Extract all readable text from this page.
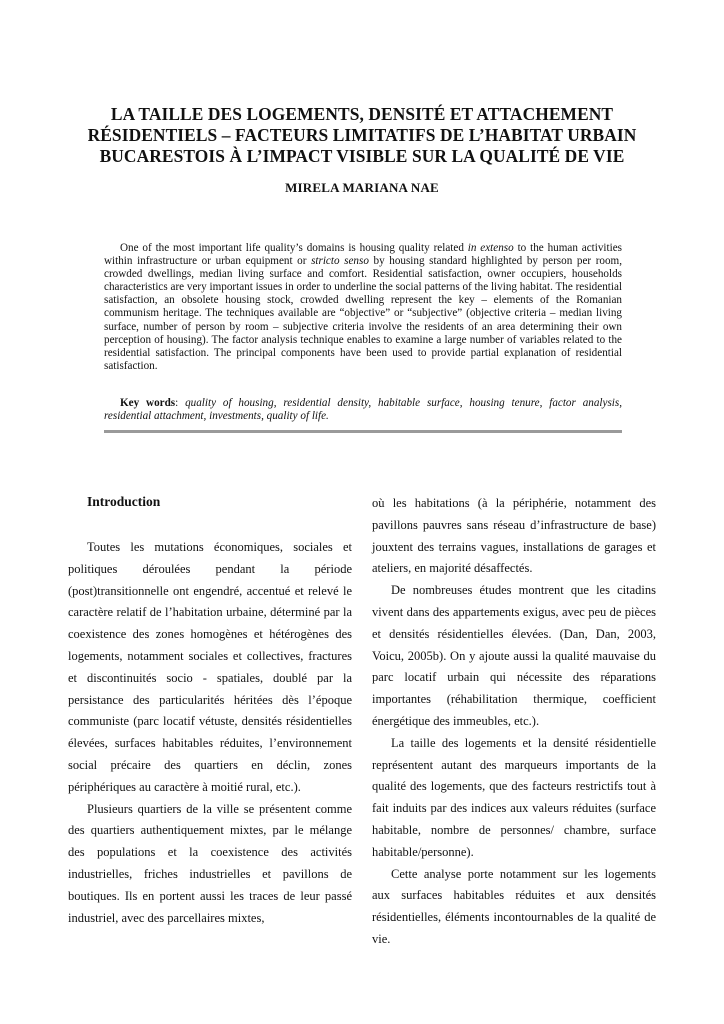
LA TAILLE DES LOGEMENTS, DENSITÉ ET ATTACHEMENT
RÉSIDENTIELS – FACTEURS LIMITATIFS DE L’HABITAT URBAIN
BUCARESTOIS À L’IMPACT VISIBLE SUR LA QUALITÉ DE VIE
MIRELA MARIANA NAE

One of the most important life quality’s domains is housing quality related in extenso to the human activities within infrastructure or urban equipment or stricto senso by housing standard highlighted by person per room, crowded dwellings, median living surface and comfort. Residential satisfaction, owner occupiers, households characteristics are very important issues in order to underline the social patterns of the living habitat. The residential satisfaction, an obsolete housing stock, crowded dwelling represent the key – elements of the Romanian communism heritage. The techniques available are “objective” or “subjective” (objective criteria – median living surface, number of person by room – subjective criteria involve the residents of an area determining their own perception of housing). The factor analysis technique enables to examine a large number of variables related to the residential satisfaction. The principal components have been used to provide partial explanation of residential satisfaction.

Key words: quality of housing, residential density, habitable surface, housing tenure, factor analysis, residential attachment, investments, quality of life.
Introduction

Toutes les mutations économiques, sociales et politiques déroulées pendant la période (post)transitionnelle ont engendré, accentué et relevé le caractère relatif de l’habitation urbaine, déterminé par la coexistence des zones homogènes et hétérogènes des logements, notamment sociales et collectives, fractures et discontinuités socio - spatiales, doublé par la persistance des particularités héritées dès l’époque communiste (parc locatif vétuste, densités résidentielles élevées, surfaces habitables réduites, l’environnement social précaire des quartiers en déclin, zones périphériques au caractère à moitié rural, etc.).

Plusieurs quartiers de la ville se présentent comme des quartiers authentiquement mixtes, par le mélange des populations et la coexistence des activités industrielles, friches industrielles et pavillons de boutiques. Ils en portent aussi les traces de leur passé industriel, avec des parcellaires mixtes,

où les habitations (à la périphérie, notamment des pavillons pauvres sans réseau d’infrastructure de base) jouxtent des terrains vagues, installations de garages et ateliers, en majorité désaffectés.

De nombreuses études montrent que les citadins vivent dans des appartements exigus, avec peu de pièces et densités résidentielles élevées. (Dan, Dan, 2003, Voicu, 2005b). On y ajoute aussi la qualité mauvaise du parc locatif urbain qui nécessite des réparations importantes (réhabilitation thermique, coefficient énergétique des immeubles, etc.).

La taille des logements et la densité résidentielle représentent autant des marqueurs importants de la qualité des logements, que des facteurs restrictifs tout à fait induits par des indices aux valeurs réduites (surface habitable, nombre de personnes/ chambre, surface habitable/personne).

Cette analyse porte notamment sur les logements aux surfaces habitables réduites et aux densités résidentielles, éléments incontournables de la qualité de vie.
